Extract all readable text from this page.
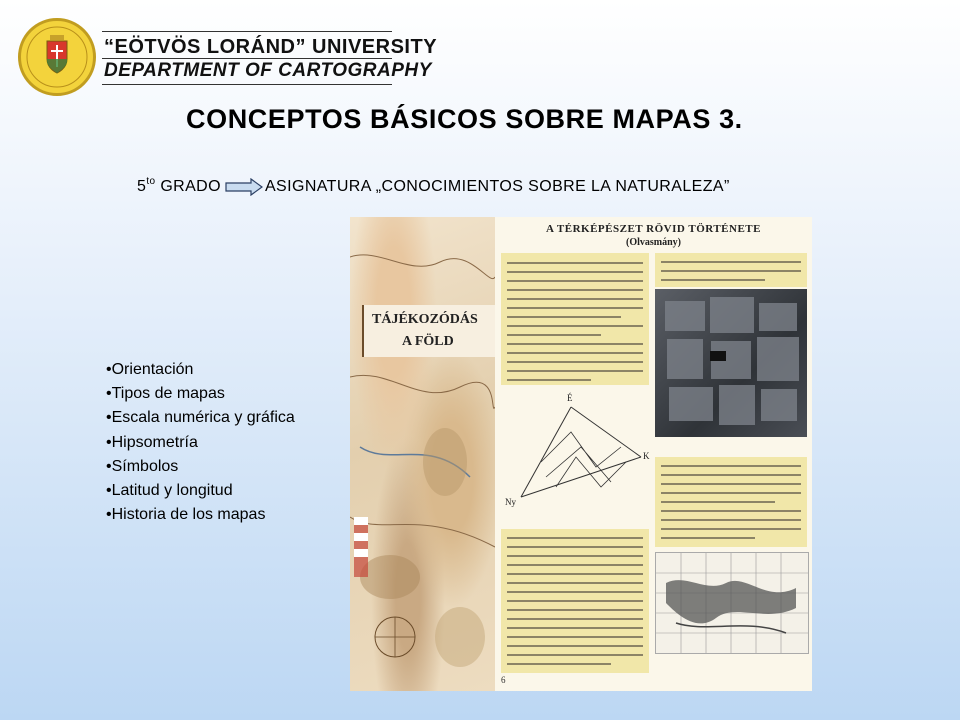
“EÖTVÖS LORÁND” UNIVERSITY
DEPARTMENT OF CARTOGRAPHY
CONCEPTOS BÁSICOS SOBRE MAPAS 3.
$5^{to}$
GRADO	ASIGNATURA „CONOCIMIENTOS SOBRE LA NATURALEZA”
TÁJÉKOZÓDÁS
A FÖLD
A TÉRKÉPÉSZET RÖVID TÖRTÉNETE
(Olvasmány)
É
K
Ny
6
• Orientación
• Tipos de mapas
• Escala numérica y gráfica
• Hipsometría
• Símbolos
• Latitud y longitud
• Historia de los mapas
